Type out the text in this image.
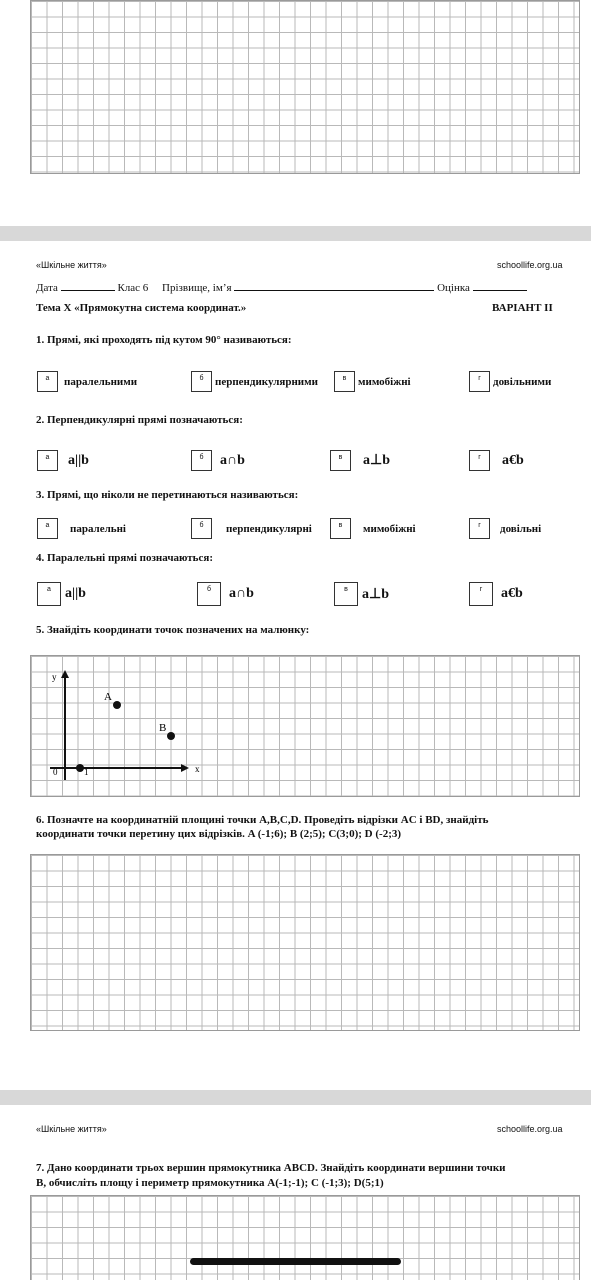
«Шкільне життя»	schoollife.org.ua
Дата	Клас 6 Прізвище, ім’я	Оцінка
Тема Х «Прямокутна система координат.»	ВАРІАНТ ІІ
1. Прямі, які проходять під кутом 90° називаються:
а	паралельними	б	перпендикулярними	в	мимобіжні	г	довільними
2. Перпендикулярні прямі позначаються:
а	a||b	б	a∩b	в	a⊥b	г	a€b
3. Прямі, що ніколи не перетинаються називаються:
а	паралельні	б	перпендикулярні	в	мимобіжні	г	довільні
4. Паралельні прямі позначаються:
а	a||b	б	a∩b	в	a⊥b	г	a€b
5. Знайдіть координати точок позначених на малюнку:
y
x
0	1
A
B
6. Позначте на координатній площині точки A,B,C,D. Проведіть відрізки AC і BD, знайдіть
координати точки перетину цих відрізків. A (-1;6); B (2;5); C(3;0); D (-2;3)
«Шкільне життя»	schoollife.org.ua
7. Дано координати трьох вершин прямокутника ABCD. Знайдіть координати вершини точки
B, обчисліть площу і периметр прямокутника A(-1;-1); C (-1;3); D(5;1)
